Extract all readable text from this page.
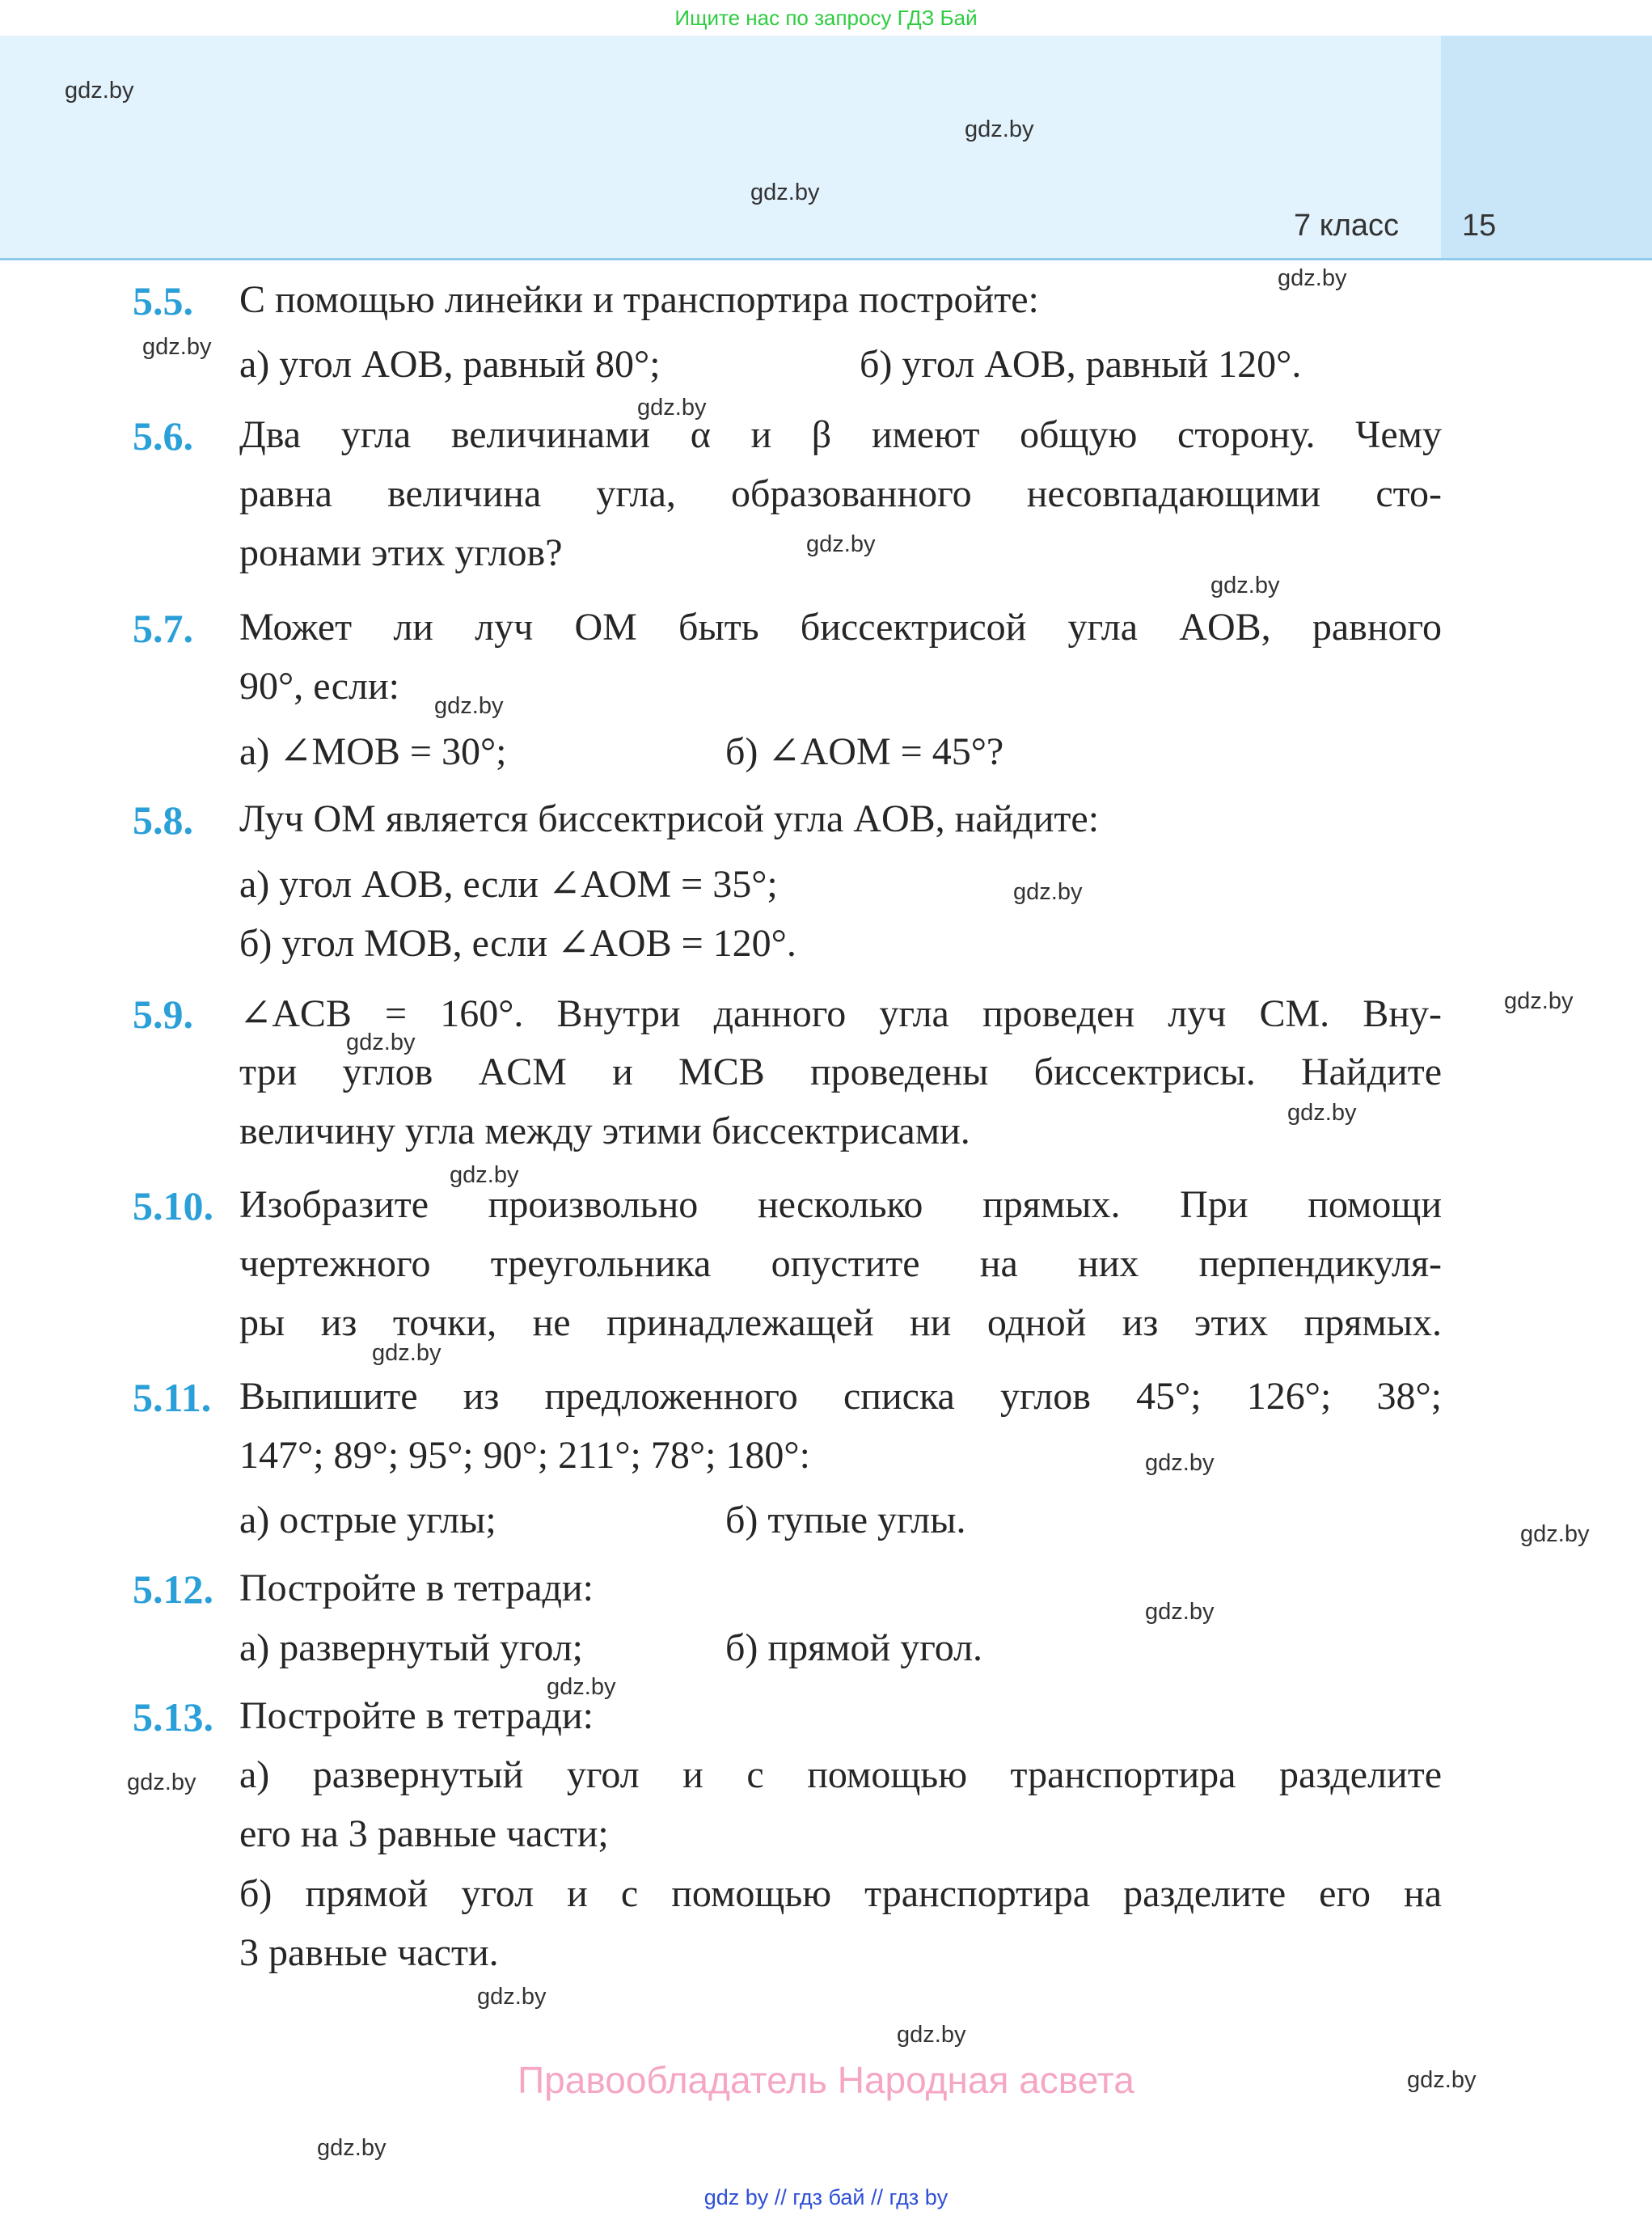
Ищите нас по запросу ГДЗ Бай
7 класс 15
5.5. С помощью линейки и транспортира постройте:
а) угол AOB, равный 80°;	б) угол AOB, равный 120°.
5.6. Два угла величинами α и β имеют общую сторону. Чему
равна величина угла, образованного несовпадающими сто-
ронами этих углов?
5.7. Может ли луч OM быть биссектрисой угла AOB, равного
90°, если:
а) ∠MOB = 30°;	б) ∠AOM = 45°?
5.8. Луч OM является биссектрисой угла AOB, найдите:
а) угол AOB, если ∠AOM = 35°;
б) угол MOB, если ∠AOB = 120°.
5.9. ∠ACB = 160°. Внутри данного угла проведен луч CM. Вну-
три углов ACM и MCB проведены биссектрисы. Найдите
величину угла между этими биссектрисами.
5.10. Изобразите произвольно несколько прямых. При помощи
чертежного треугольника опустите на них перпендикуля-
ры из точки, не принадлежащей ни одной из этих прямых.
5.11. Выпишите из предложенного списка углов 45°; 126°; 38°;
147°; 89°; 95°; 90°; 211°; 78°; 180°:
а) острые углы;	б) тупые углы.
5.12. Постройте в тетради:
а) развернутый угол;	б) прямой угол.
5.13. Постройте в тетради:
а) развернутый угол и с помощью транспортира разделите
его на 3 равные части;
б) прямой угол и с помощью транспортира разделите его на
3 равные части.
gdz.by
gdz.by
gdz.by
gdz.by
gdz.by
gdz.by
gdz.by
gdz.by
gdz.by
gdz.by
gdz.by
gdz.by
gdz.by
gdz.by
gdz.by
gdz.by
gdz.by
gdz.by
gdz.by
gdz.by
gdz.by
gdz.by
gdz.by
gdz.by
Правообладатель Народная асвета
gdz by // гдз бай // гдз by
